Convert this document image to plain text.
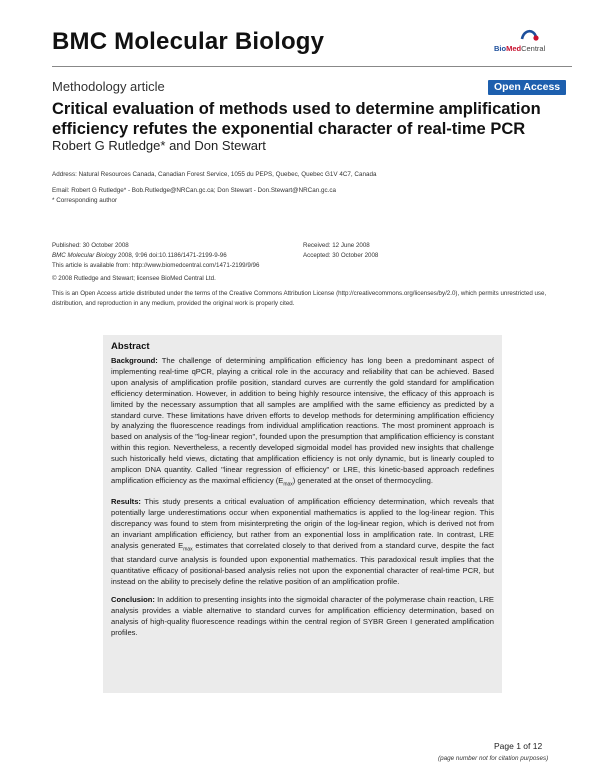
BMC Molecular Biology	BioMedCentral
Methodology article	Open Access
Critical evaluation of methods used to determine amplification efficiency refutes the exponential character of real-time PCR
Robert G Rutledge* and Don Stewart
Address: Natural Resources Canada, Canadian Forest Service, 1055 du PEPS, Quebec, Quebec G1V 4C7, Canada
Email: Robert G Rutledge* - Bob.Rutledge@NRCan.gc.ca; Don Stewart - Don.Stewart@NRCan.gc.ca
* Corresponding author
Published: 30 October 2008
BMC Molecular Biology 2008, 9:96 doi:10.1186/1471-2199-9-96
This article is available from: http://www.biomedcentral.com/1471-2199/9/96
© 2008 Rutledge and Stewart; licensee BioMed Central Ltd.
Received: 12 June 2008
Accepted: 30 October 2008
This is an Open Access article distributed under the terms of the Creative Commons Attribution License (http://creativecommons.org/licenses/by/2.0), which permits unrestricted use, distribution, and reproduction in any medium, provided the original work is properly cited.
Abstract

Background: The challenge of determining amplification efficiency has long been a predominant aspect of implementing real-time qPCR, playing a critical role in the accuracy and reliability that can be achieved. Based upon analysis of amplification profile position, standard curves are currently the gold standard for amplification efficiency determination. However, in addition to being highly resource intensive, the efficacy of this approach is limited by the necessary assumption that all samples are amplified with the same efficiency as predicted by a standard curve. These limitations have driven efforts to develop methods for determining amplification efficiency by analyzing the fluorescence readings from individual amplification reactions. The most prominent approach is based on analysis of the "log-linear region", founded upon the presumption that amplification efficiency is constant within this region. Nevertheless, a recently developed sigmoidal model has provided new insights that challenge such historically held views, dictating that amplification efficiency is not only dynamic, but is linearly coupled to amplicon DNA quantity. Called "linear regression of efficiency" or LRE, this kinetic-based approach redefines amplification efficiency as the maximal efficiency $(E_{max})$ generated at the onset of thermocycling.

Results: This study presents a critical evaluation of amplification efficiency determination, which reveals that potentially large underestimations occur when exponential mathematics is applied to the log-linear region. This discrepancy was found to stem from misinterpreting the origin of the log-linear region, which is derived not from an invariant amplification efficiency, but rather from an exponential loss in amplification rate. In contrast, LRE analysis generated $E_{max}$ estimates that correlated closely to that derived from a standard curve, despite the fact that standard curve analysis is founded upon exponential mathematics. This paradoxical result implies that the quantitative efficacy of positional-based analysis relies not upon the exponential character of real-time PCR, but instead on the ability to precisely define the relative position of an amplification profile.

Conclusion: In addition to presenting insights into the sigmoidal character of the polymerase chain reaction, LRE analysis provides a viable alternative to standard curves for amplification efficiency determination, based on analysis of high-quality fluorescence readings within the central region of SYBR Green I generated amplification profiles.

Page 1 of 12
(page number not for citation purposes)
